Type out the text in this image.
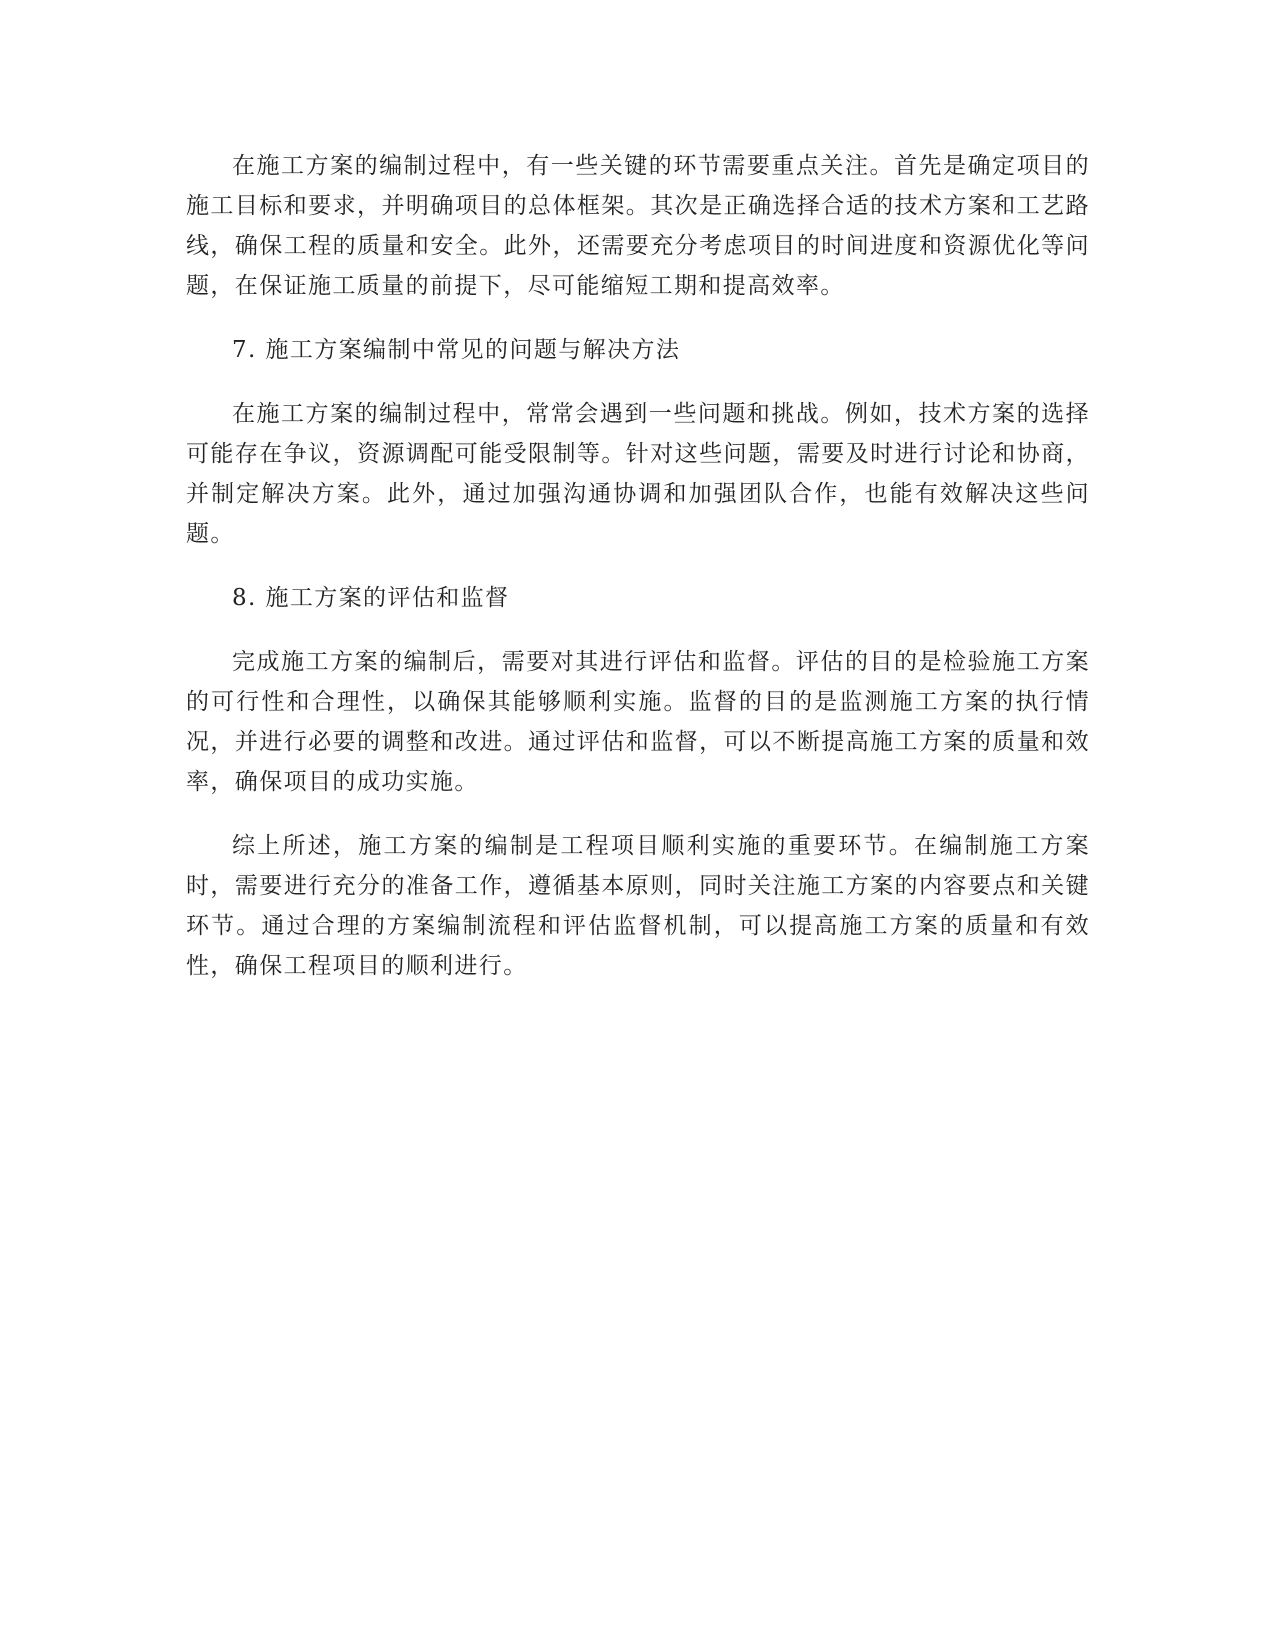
在施工方案的编制过程中，有一些关键的环节需要重点关注。首先是确定项目的施工目标和要求，并明确项目的总体框架。其次是正确选择合适的技术方案和工艺路线，确保工程的质量和安全。此外，还需要充分考虑项目的时间进度和资源优化等问题，在保证施工质量的前提下，尽可能缩短工期和提高效率。

7. 施工方案编制中常见的问题与解决方法

在施工方案的编制过程中，常常会遇到一些问题和挑战。例如，技术方案的选择可能存在争议，资源调配可能受限制等。针对这些问题，需要及时进行讨论和协商，并制定解决方案。此外，通过加强沟通协调和加强团队合作，也能有效解决这些问题。

8. 施工方案的评估和监督

完成施工方案的编制后，需要对其进行评估和监督。评估的目的是检验施工方案的可行性和合理性，以确保其能够顺利实施。监督的目的是监测施工方案的执行情况，并进行必要的调整和改进。通过评估和监督，可以不断提高施工方案的质量和效率，确保项目的成功实施。

综上所述，施工方案的编制是工程项目顺利实施的重要环节。在编制施工方案时，需要进行充分的准备工作，遵循基本原则，同时关注施工方案的内容要点和关键环节。通过合理的方案编制流程和评估监督机制，可以提高施工方案的质量和有效性，确保工程项目的顺利进行。
